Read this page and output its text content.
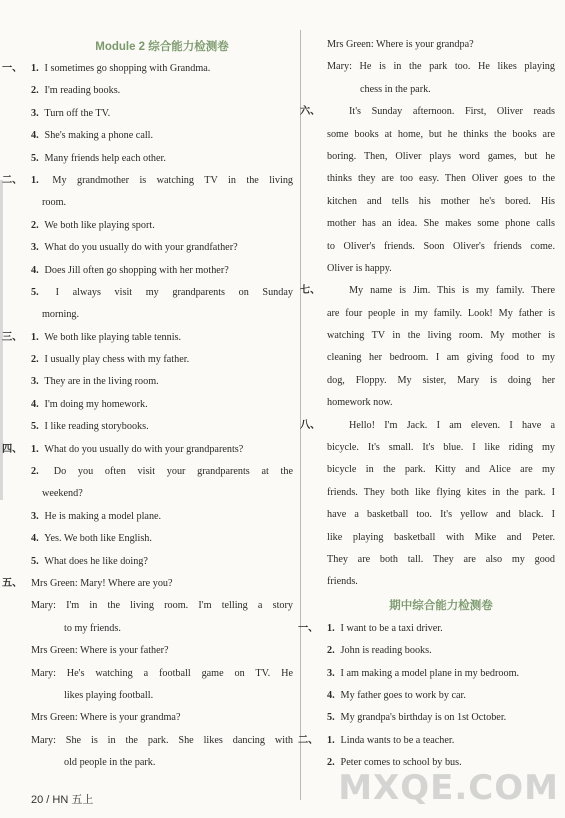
Module 2 综合能力检测卷
一、 1. I sometimes go shopping with Grandma.
2. I'm reading books.
3. Turn off the TV.
4. She's making a phone call.
5. Many friends help each other.
二、 1. My grandmother is watching TV in the living
room.
2. We both like playing sport.
3. What do you usually do with your grandfather?
4. Does Jill often go shopping with her mother?
5. I always visit my grandparents on Sunday
morning.
三、 1. We both like playing table tennis.
2. I usually play chess with my father.
3. They are in the living room.
4. I'm doing my homework.
5. I like reading storybooks.
四、 1. What do you usually do with your grandparents?
2. Do you often visit your grandparents at the
weekend?
3. He is making a model plane.
4. Yes. We both like English.
5. What does he like doing?
五、 Mrs Green: Mary! Where are you?
Mary: I'm in the living room. I'm telling a story
to my friends.
Mrs Green: Where is your father?
Mary: He's watching a football game on TV. He
likes playing football.
Mrs Green: Where is your grandma?
Mary: She is in the park. She likes dancing with
old people in the park.
Mrs Green: Where is your grandpa?
Mary: He is in the park too. He likes playing
chess in the park.
六、	It's Sunday afternoon. First, Oliver reads
some books at home, but he thinks the books are
boring. Then, Oliver plays word games, but he
thinks they are too easy. Then Oliver goes to the
kitchen and tells his mother he's bored. His
mother has an idea. She makes some phone calls
to Oliver's friends. Soon Oliver's friends come.
Oliver is happy.
七、	My name is Jim. This is my family. There
are four people in my family. Look! My father is
watching TV in the living room. My mother is
cleaning her bedroom. I am giving food to my
dog, Floppy. My sister, Mary is doing her
homework now.
八、	Hello! I'm Jack. I am eleven. I have a
bicycle. It's small. It's blue. I like riding my
bicycle in the park. Kitty and Alice are my
friends. They both like flying kites in the park. I
have a basketball too. It's yellow and black. I
like playing basketball with Mike and Peter.
They are both tall. They are also my good
friends.
期中综合能力检测卷
一、 1. I want to be a taxi driver.
2. John is reading books.
3. I am making a model plane in my bedroom.
4. My father goes to work by car.
5. My grandpa's birthday is on 1st October.
二、 1. Linda wants to be a teacher.
2. Peter comes to school by bus.
20 / HN 五上	MXQE.COM
